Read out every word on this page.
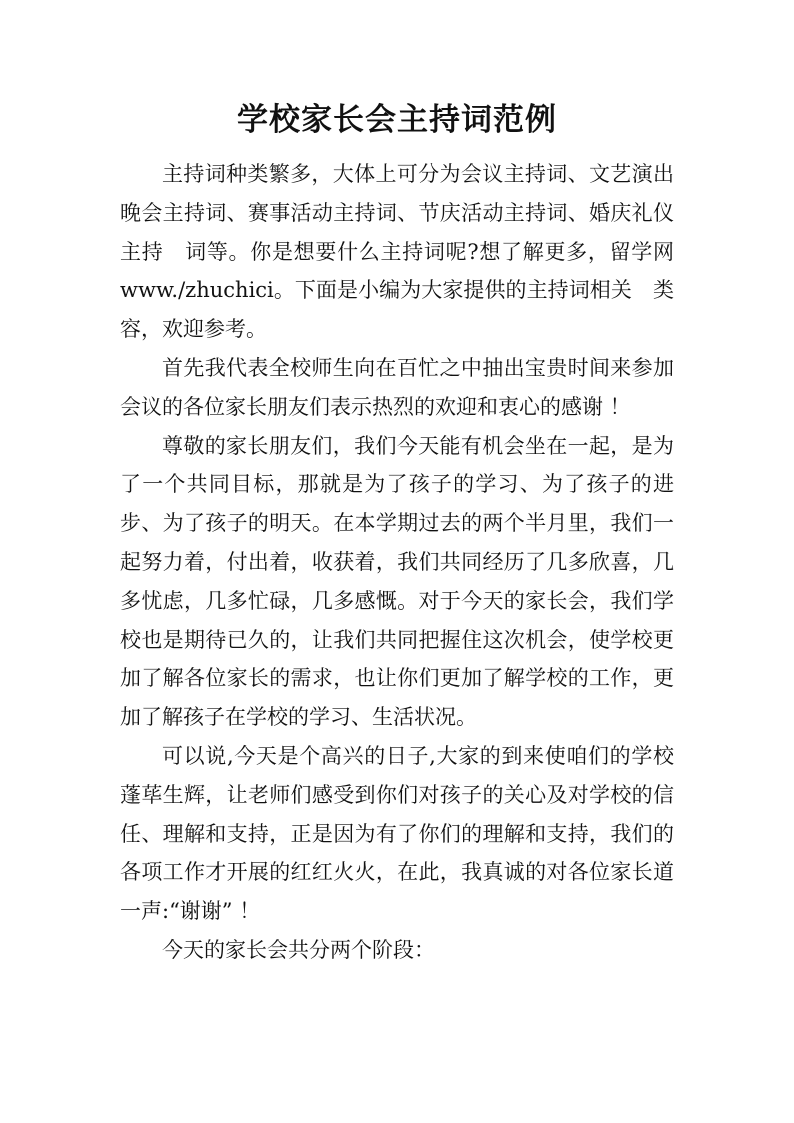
学校家长会主持词范例

主持词种类繁多，大体上可分为会议主持词、文艺演出晚会主持词、赛事活动主持词、节庆活动主持词、婚庆礼仪主持　词等。你是想要什么主持词呢?想了解更多，留学网www./zhuchici。下面是小编为大家提供的主持词相关　类容，欢迎参考。

首先我代表全校师生向在百忙之中抽出宝贵时间来参加会议的各位家长朋友们表示热烈的欢迎和衷心的感谢 ！

尊敬的家长朋友们，我们今天能有机会坐在一起，是为了一个共同目标，那就是为了孩子的学习、为了孩子的进步、为了孩子的明天。在本学期过去的两个半月里，我们一起努力着，付出着，收获着，我们共同经历了几多欣喜，几多忧虑，几多忙碌，几多感慨。对于今天的家长会，我们学校也是期待已久的，让我们共同把握住这次机会，使学校更加了解各位家长的需求，也让你们更加了解学校的工作，更加了解孩子在学校的学习、生活状况。

可以说,今天是个高兴的日子,大家的到来使咱们的学校蓬荜生辉，让老师们感受到你们对孩子的关心及对学校的信任、理解和支持，正是因为有了你们的理解和支持，我们的各项工作才开展的红红火火，在此，我真诚的对各位家长道一声:“谢谢” ！

今天的家长会共分两个阶段：
